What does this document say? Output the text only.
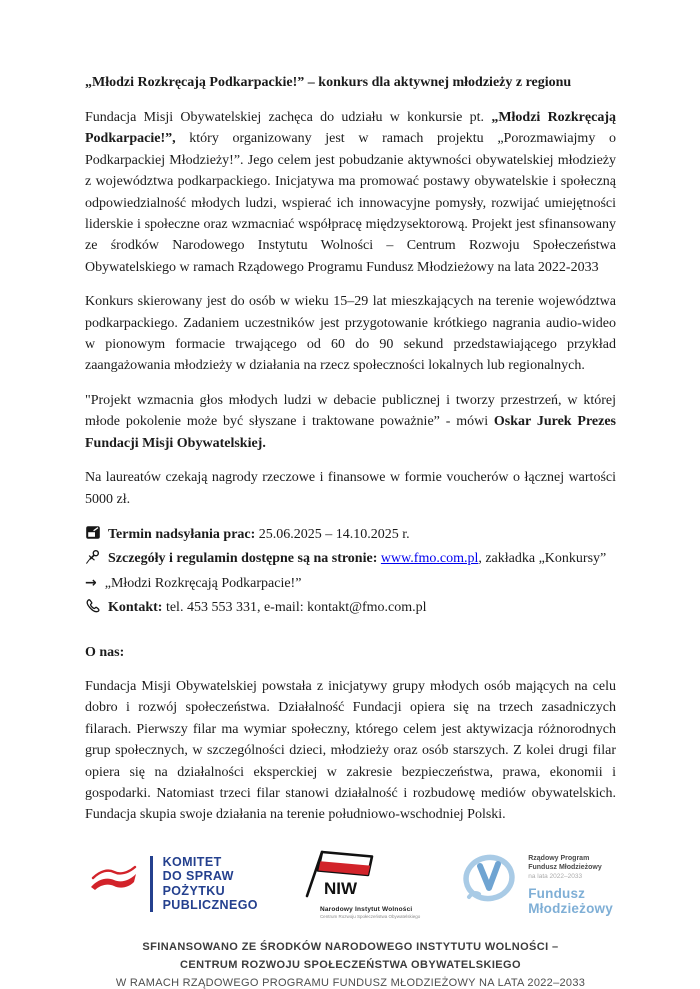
„Młodzi Rozkręcają Podkarpackie!” – konkurs dla aktywnej młodzieży z regionu

Fundacja Misji Obywatelskiej zachęca do udziału w konkursie pt. „Młodzi Rozkręcają Podkarpacie!”, który organizowany jest w ramach projektu „Porozmawiajmy o Podkarpackiej Młodzieży!”. Jego celem jest pobudzanie aktywności obywatelskiej młodzieży z województwa podkarpackiego. Inicjatywa ma promować postawy obywatelskie i społeczną odpowiedzialność młodych ludzi, wspierać ich innowacyjne pomysły, rozwijać umiejętności liderskie i społeczne oraz wzmacniać współpracę międzysektorową. Projekt jest sfinansowany ze środków Narodowego Instytutu Wolności – Centrum Rozwoju Społeczeństwa Obywatelskiego w ramach Rządowego Programu Fundusz Młodzieżowy na lata 2022-2033

Konkurs skierowany jest do osób w wieku 15–29 lat mieszkających na terenie województwa podkarpackiego. Zadaniem uczestników jest przygotowanie krótkiego nagrania audio-wideo w pionowym formacie trwającego od 60 do 90 sekund przedstawiającego przykład zaangażowania młodzieży w działania na rzecz społeczności lokalnych lub regionalnych.

"Projekt wzmacnia głos młodych ludzi w debacie publicznej i tworzy przestrzeń, w której młode pokolenie może być słyszane i traktowane poważnie” - mówi Oskar Jurek Prezes Fundacji Misji Obywatelskiej.

Na laureatów czekają nagrody rzeczowe i finansowe w formie voucherów o łącznej wartości 5000 zł.

Termin nadsyłania prac: 25.06.2025 – 14.10.2025 r.

Szczegóły i regulamin dostępne są na stronie: www.fmo.com.pl, zakładka „Konkursy”

→ „Młodzi Rozkręcają Podkarpacie!”

Kontakt: tel. 453 553 331, e-mail: kontakt@fmo.com.pl

O nas:

Fundacja Misji Obywatelskiej powstała z inicjatywy grupy młodych osób mających na celu dobro i rozwój społeczeństwa. Działalność Fundacji opiera się na trzech zasadniczych filarach. Pierwszy filar ma wymiar społeczny, którego celem jest aktywizacja różnorodnych grup społecznych, w szczególności dzieci, młodzieży oraz osób starszych. Z kolei drugi filar opiera się na działalności eksperckiej w zakresie bezpieczeństwa, prawa, ekonomii i gospodarki. Natomiast trzeci filar stanowi działalność i rozbudowę mediów obywatelskich. Fundacja skupia swoje działania na terenie południowo-wschodniej Polski.

KOMITET
DO SPRAW
POŻYTKU
PUBLICZNEGO
NIW
Narodowy Instytut Wolności
Centrum Rozwoju Społeczeństwa Obywatelskiego
Rządowy Program
Fundusz Młodzieżowy
na lata 2022–2033
Fundusz
Młodzieżowy
SFINANSOWANO ZE ŚRODKÓW NARODOWEGO INSTYTUTU WOLNOŚCI –
CENTRUM ROZWOJU SPOŁECZEŃSTWA OBYWATELSKIEGO
W RAMACH RZĄDOWEGO PROGRAMU FUNDUSZ MŁODZIEŻOWY NA LATA 2022–2033
